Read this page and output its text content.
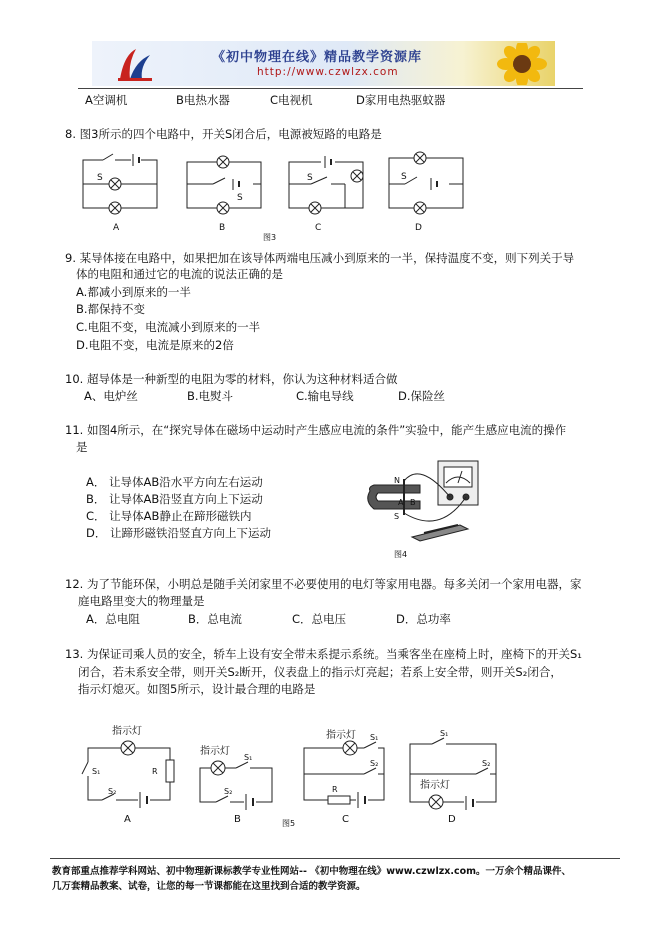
《初中物理在线》精品教学资源库
http://www.czwlzx.com
A空调机	B电热水器	C电视机	D家用电热驱蚊器
8. 图3所示的四个电路中，开关S闭合后，电源被短路的电路是
S
S
S	S
A	B	C	D
图3
9. 某导体接在电路中，如果把加在该导体两端电压减小到原来的一半，保持温度不变，则下列关于导
体的电阻和通过它的电流的说法正确的是
A.都减小到原来的一半
B.都保持不变
C.电阻不变，电流减小到原来的一半
D.电阻不变，电流是原来的2倍
10. 超导体是一种新型的电阻为零的材料，你认为这种材料适合做
A、电炉丝	B.电熨斗	C.输电导线	D.保险丝
11. 如图4所示，在“探究导体在磁场中运动时产生感应电流的条件”实验中，能产生感应电流的操作
是
A． 让导体AB沿水平方向左右运动
B． 让导体AB沿竖直方向上下运动
C． 让导体AB静止在蹄形磁铁内
D． 让蹄形磁铁沿竖直方向上下运动
N
S
A B
图4
12. 为了节能环保，小明总是随手关闭家里不必要使用的电灯等家用电器。每多关闭一个家用电器，家
庭电路里变大的物理量是
A．总电阻	B．总电流	C．总电压	D．总功率
13. 为保证司乘人员的安全，轿车上设有安全带未系提示系统。当乘客坐在座椅上时，座椅下的开关S₁
闭合，若未系安全带，则开关S₂断开，仪表盘上的指示灯亮起；若系上安全带，则开关S₂闭合，
指示灯熄灭。如图5所示，设计最合理的电路是
指示灯
S₁	R
S₂
指示灯
S₁
S₂
指示灯 S₁
S₂
R
S₁
S₂
指示灯
A	B	C	D
图5
教育部重点推荐学科网站、初中物理新课标教学专业性网站-- 《初中物理在线》www.czwlzx.com。一万余个精品课件、
几万套精品教案、试卷，让您的每一节课都能在这里找到合适的教学资源。
